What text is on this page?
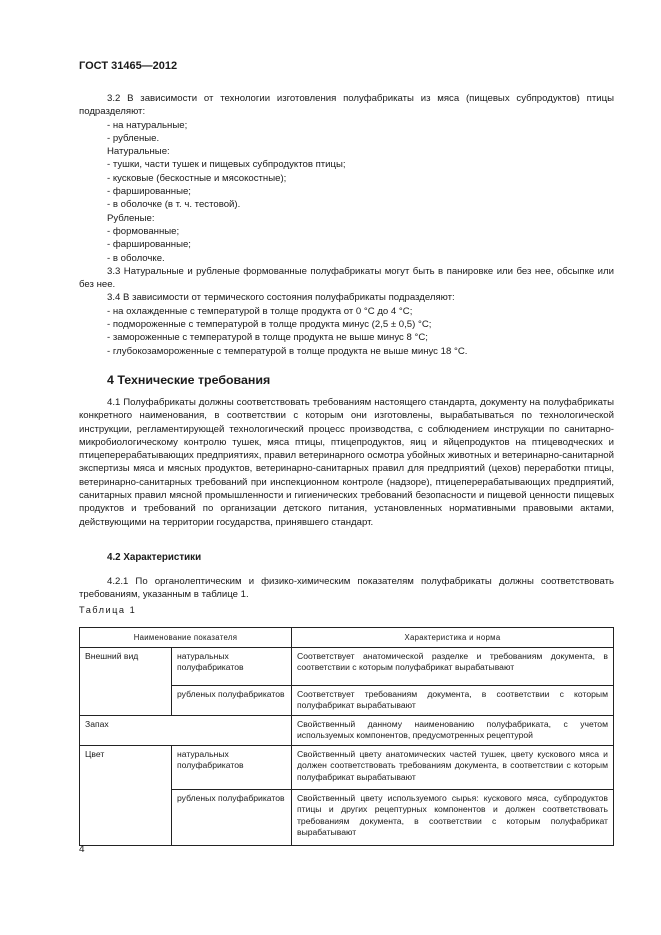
ГОСТ 31465—2012

3.2 В зависимости от технологии изготовления полуфабрикаты из мяса (пищевых субпродуктов) птицы подразделяют:

- на натуральные;

- рубленые.

Натуральные:

- тушки, части тушек и пищевых субпродуктов птицы;

- кусковые (бескостные и мясокостные);

- фаршированные;

- в оболочке (в т. ч. тестовой).

Рубленые:

- формованные;

- фаршированные;

- в оболочке.

3.3 Натуральные и рубленые формованные полуфабрикаты могут быть в панировке или без нее, обсыпке или без нее.

3.4 В зависимости от термического состояния полуфабрикаты подразделяют:

- на охлажденные с температурой в толще продукта от 0 °С до 4 °С;

- подмороженные с температурой в толще продукта минус (2,5 ± 0,5) °С;

- замороженные с температурой в толще продукта не выше минус 8 °С;

- глубокозамороженные с температурой в толще продукта не выше минус 18 °С.

4 Технические требования

4.1 Полуфабрикаты должны соответствовать требованиям настоящего стандарта, документу на полуфабрикаты конкретного наименования, в соответствии с которым они изготовлены, вырабатываться по технологической инструкции, регламентирующей технологический процесс производства, с соблюдением инструкции по санитарно-микробиологическому контролю тушек, мяса птицы, птицепродуктов, яиц и яйцепродуктов на птицеводческих и птицеперерабатывающих предприятиях, правил ветеринарного осмотра убойных животных и ветеринарно-санитарной экспертизы мяса и мясных продуктов, ветеринарно-санитарных правил для предприятий (цехов) переработки птицы, ветеринарно-санитарных требований при инспекционном контроле (надзоре), птицеперерабатывающих предприятий, санитарных правил мясной промышленности и гигиенических требований безопасности и пищевой ценности пищевых продуктов и требований по организации детского питания, установленных нормативными правовыми актами, действующими на территории государства, принявшего стандарт.

4.2 Характеристики

4.2.1 По органолептическим и физико-химическим показателям полуфабрикаты должны соответствовать требованиям, указанным в таблице 1.

Таблица 1
Наименование показателя		Характеристика и норма
Внешний вид	натуральных полуфабрикатов	Соответствует анатомической разделке и требованиям документа, в соответствии с которым полуфабрикат вырабатывают
	рубленых полуфабрикатов	Соответствует требованиям документа, в соответствии с которым полуфабрикат вырабатывают
Запах		Свойственный данному наименованию полуфабриката, с учетом используемых компонентов, предусмотренных рецептурой
Цвет	натуральных полуфабрикатов	Свойственный цвету анатомических частей тушек, цвету кускового мяса и должен соответствовать требованиям документа, в соответствии с которым полуфабрикат вырабатывают
	рубленых полуфабрикатов	Свойственный цвету используемого сырья: кускового мяса, субпродуктов птицы и других рецептурных компонентов и должен соответствовать требованиям документа, в соответствии с которым полуфабрикат вырабатывают
4
